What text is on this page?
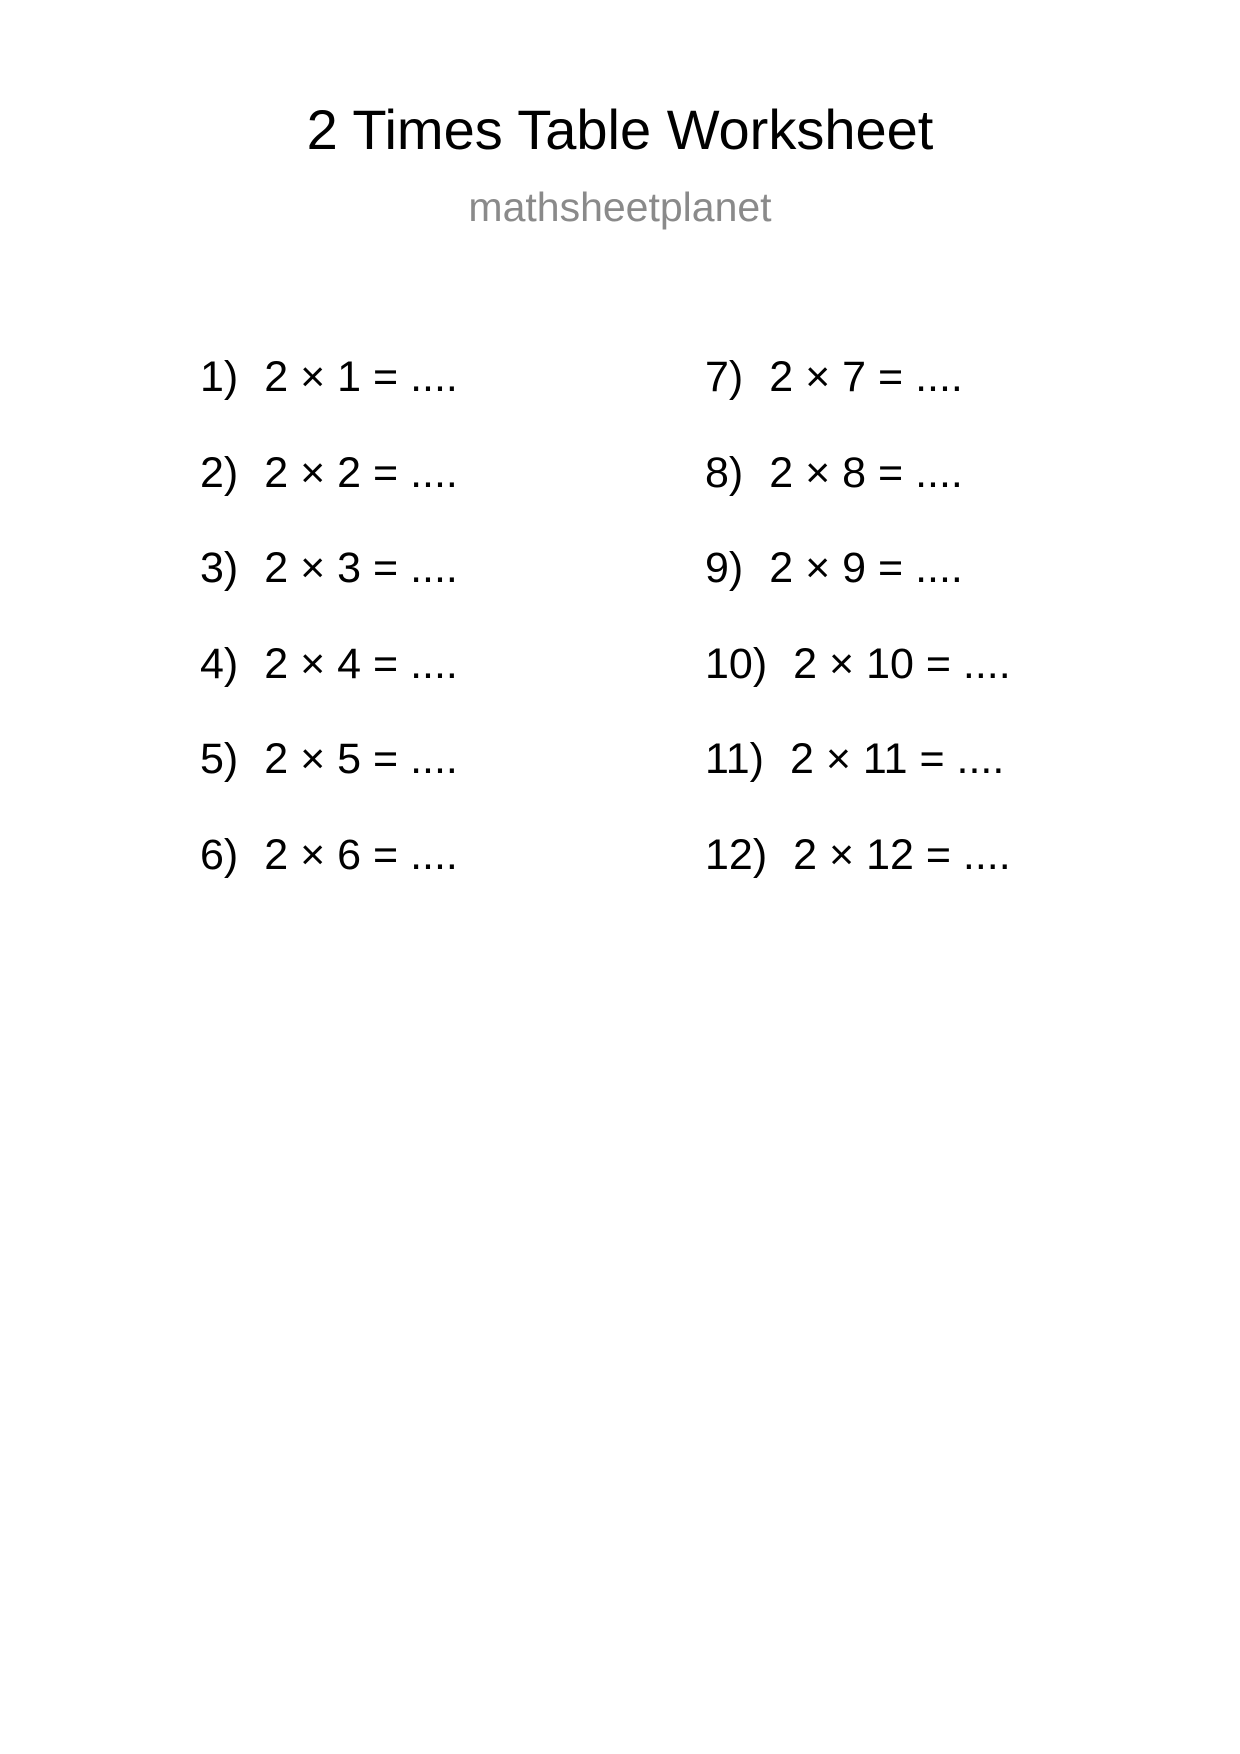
2 Times Table Worksheet
mathsheetplanet
1) 2 × 1 = ....
2) 2 × 2 = ....
3) 2 × 3 = ....
4) 2 × 4 = ....
5) 2 × 5 = ....
6) 2 × 6 = ....
7) 2 × 7 = ....
8) 2 × 8 = ....
9) 2 × 9 = ....
10) 2 × 10 = ....
11) 2 × 11 = ....
12) 2 × 12 = ....
